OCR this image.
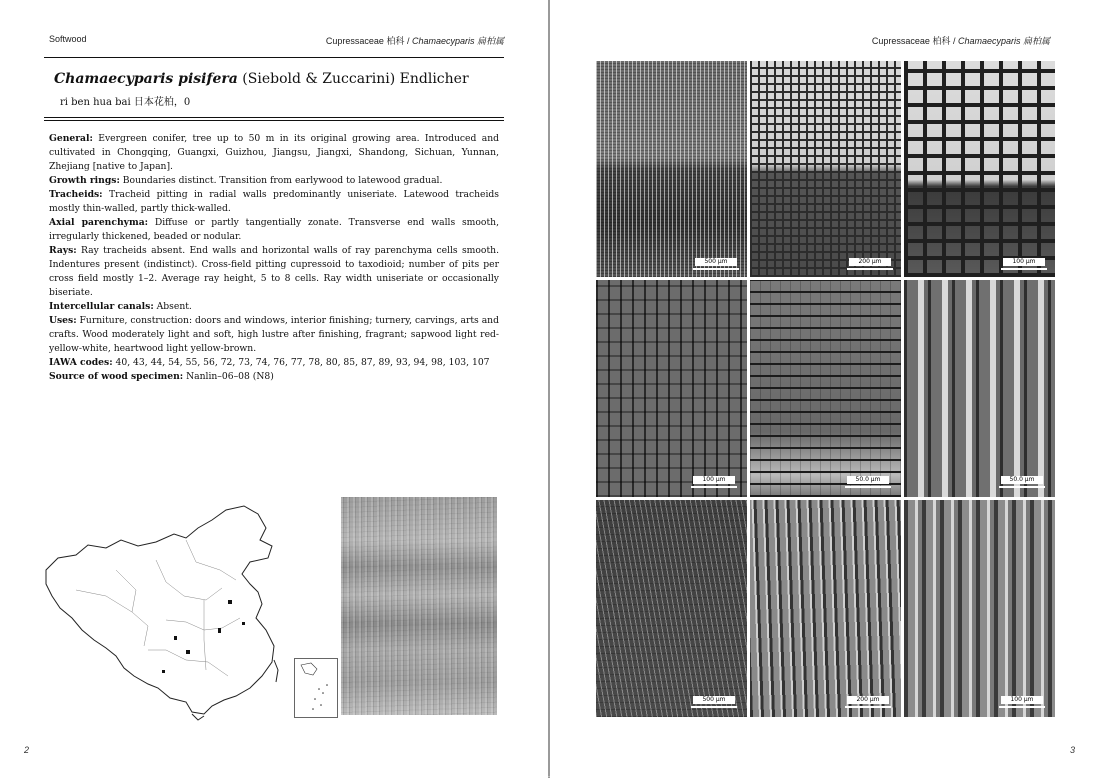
Softwood	Cupressaceae 柏科 / Chamaecyparis 扁柏属
Chamaecyparis pisifera (Siebold & Zuccarini) Endlicher
ri ben hua bai 日本花柏，0

General: Evergreen conifer, tree up to 50 m in its original growing area. Introduced and cultivated in Chongqing, Guangxi, Guizhou, Jiangsu, Jiangxi, Shandong, Sichuan, Yunnan, Zhejiang [native to Japan].

Growth rings: Boundaries distinct. Transition from earlywood to latewood gradual.

Tracheids: Tracheid pitting in radial walls predominantly uniseriate. Latewood tracheids mostly thin-walled, partly thick-walled.

Axial parenchyma: Diffuse or partly tangentially zonate. Transverse end walls smooth, irregularly thickened, beaded or nodular.

Rays: Ray tracheids absent. End walls and horizontal walls of ray parenchyma cells smooth. Indentures present (indistinct). Cross-field pitting cupressoid to taxodioid; number of pits per cross field mostly 1–2. Average ray height, 5 to 8 cells. Ray width uniseriate or occasionally biseriate.

Intercellular canals: Absent.

Uses: Furniture, construction: doors and windows, interior finishing; turnery, carvings, arts and crafts. Wood moderately light and soft, high lustre after finishing, fragrant; sapwood light red-yellow-white, heartwood light yellow-brown.

IAWA codes: 40, 43, 44, 54, 55, 56, 72, 73, 74, 76, 77, 78, 80, 85, 87, 89, 93, 94, 98, 103, 107

Source of wood specimen: Nanlin–06–08 (N8)

2
Cupressaceae 柏科 / Chamaecyparis 扁柏属
500 μm	200 μm	100 μm
100 μm	50.0 μm	50.0 μm
500 μm	200 μm	100 μm
3
